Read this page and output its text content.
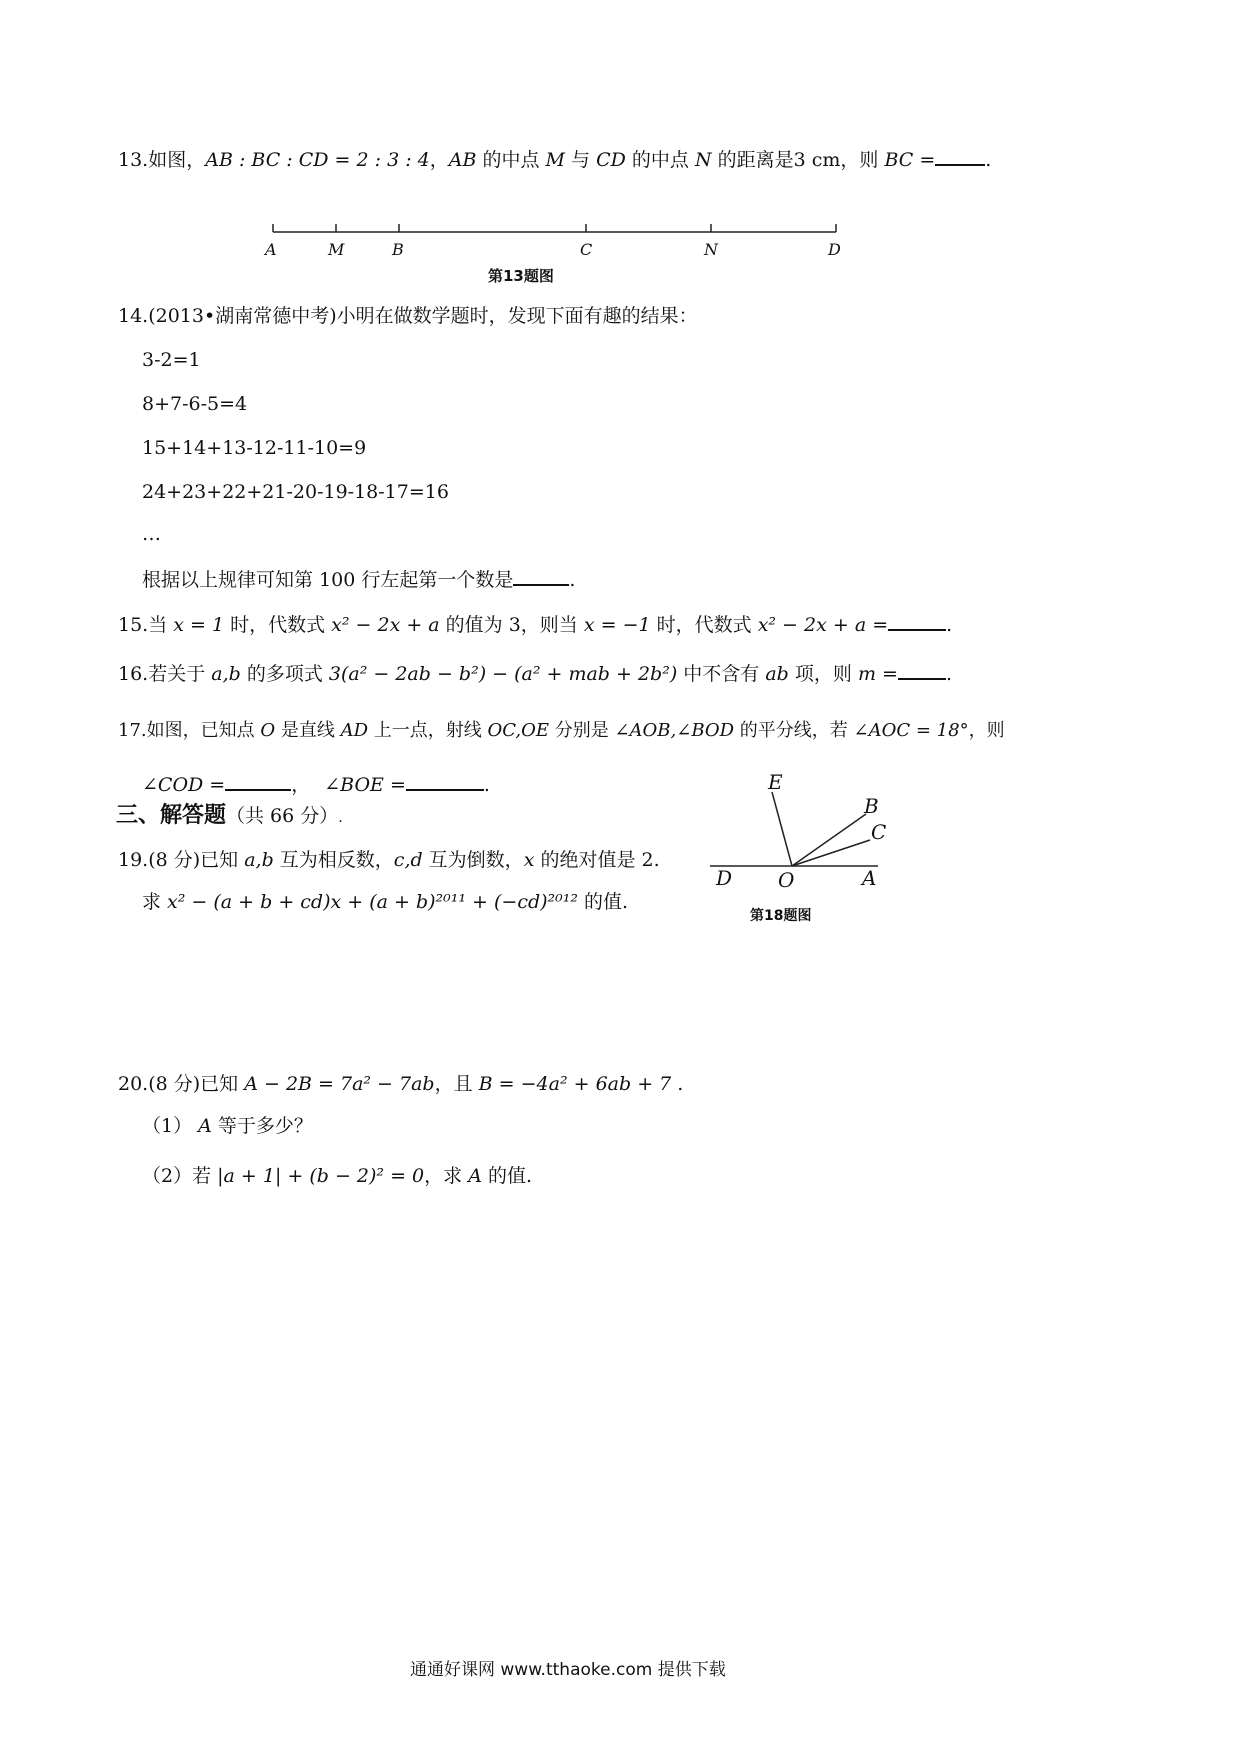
13.如图，AB : BC : CD = 2 : 3 : 4，AB 的中点 M 与 CD 的中点 N 的距离是3 cm，则 BC =	.
A	M	B	C	N	D
第13题图
14.(2013•湖南常德中考)小明在做数学题时，发现下面有趣的结果：
3-2=1
8+7-6-5=4
15+14+13-12-11-10=9
24+23+22+21-20-19-18-17=16
…
根据以上规律可知第 100 行左起第一个数是	.
15.当 x = 1 时，代数式 x² − 2x + a 的值为 3，则当 x = −1 时，代数式 x² − 2x + a =	.
16.若关于 a,b 的多项式 3(a² − 2ab − b²) − (a² + mab + 2b²) 中不含有 ab 项，则 m =	.
17.如图，已知点 O 是直线 AD 上一点，射线 OC,OE 分别是 ∠AOB,∠BOD 的平分线，若 ∠AOC = 18°，则
∠COD =	， ∠BOE =	.	E
B
C
D O	A
第18题图
三、解答题（共 66 分）.
19.(8 分)已知 a,b 互为相反数，c,d 互为倒数，x 的绝对值是 2.
求 x² − (a + b + cd)x + (a + b)²⁰¹¹ + (−cd)²⁰¹² 的值.
20.(8 分)已知 A − 2B = 7a² − 7ab，且 B = −4a² + 6ab + 7 .
（1） A 等于多少？
（2）若 |a + 1| + (b − 2)² = 0，求 A 的值.
通通好课网 www.tthaoke.com 提供下载
